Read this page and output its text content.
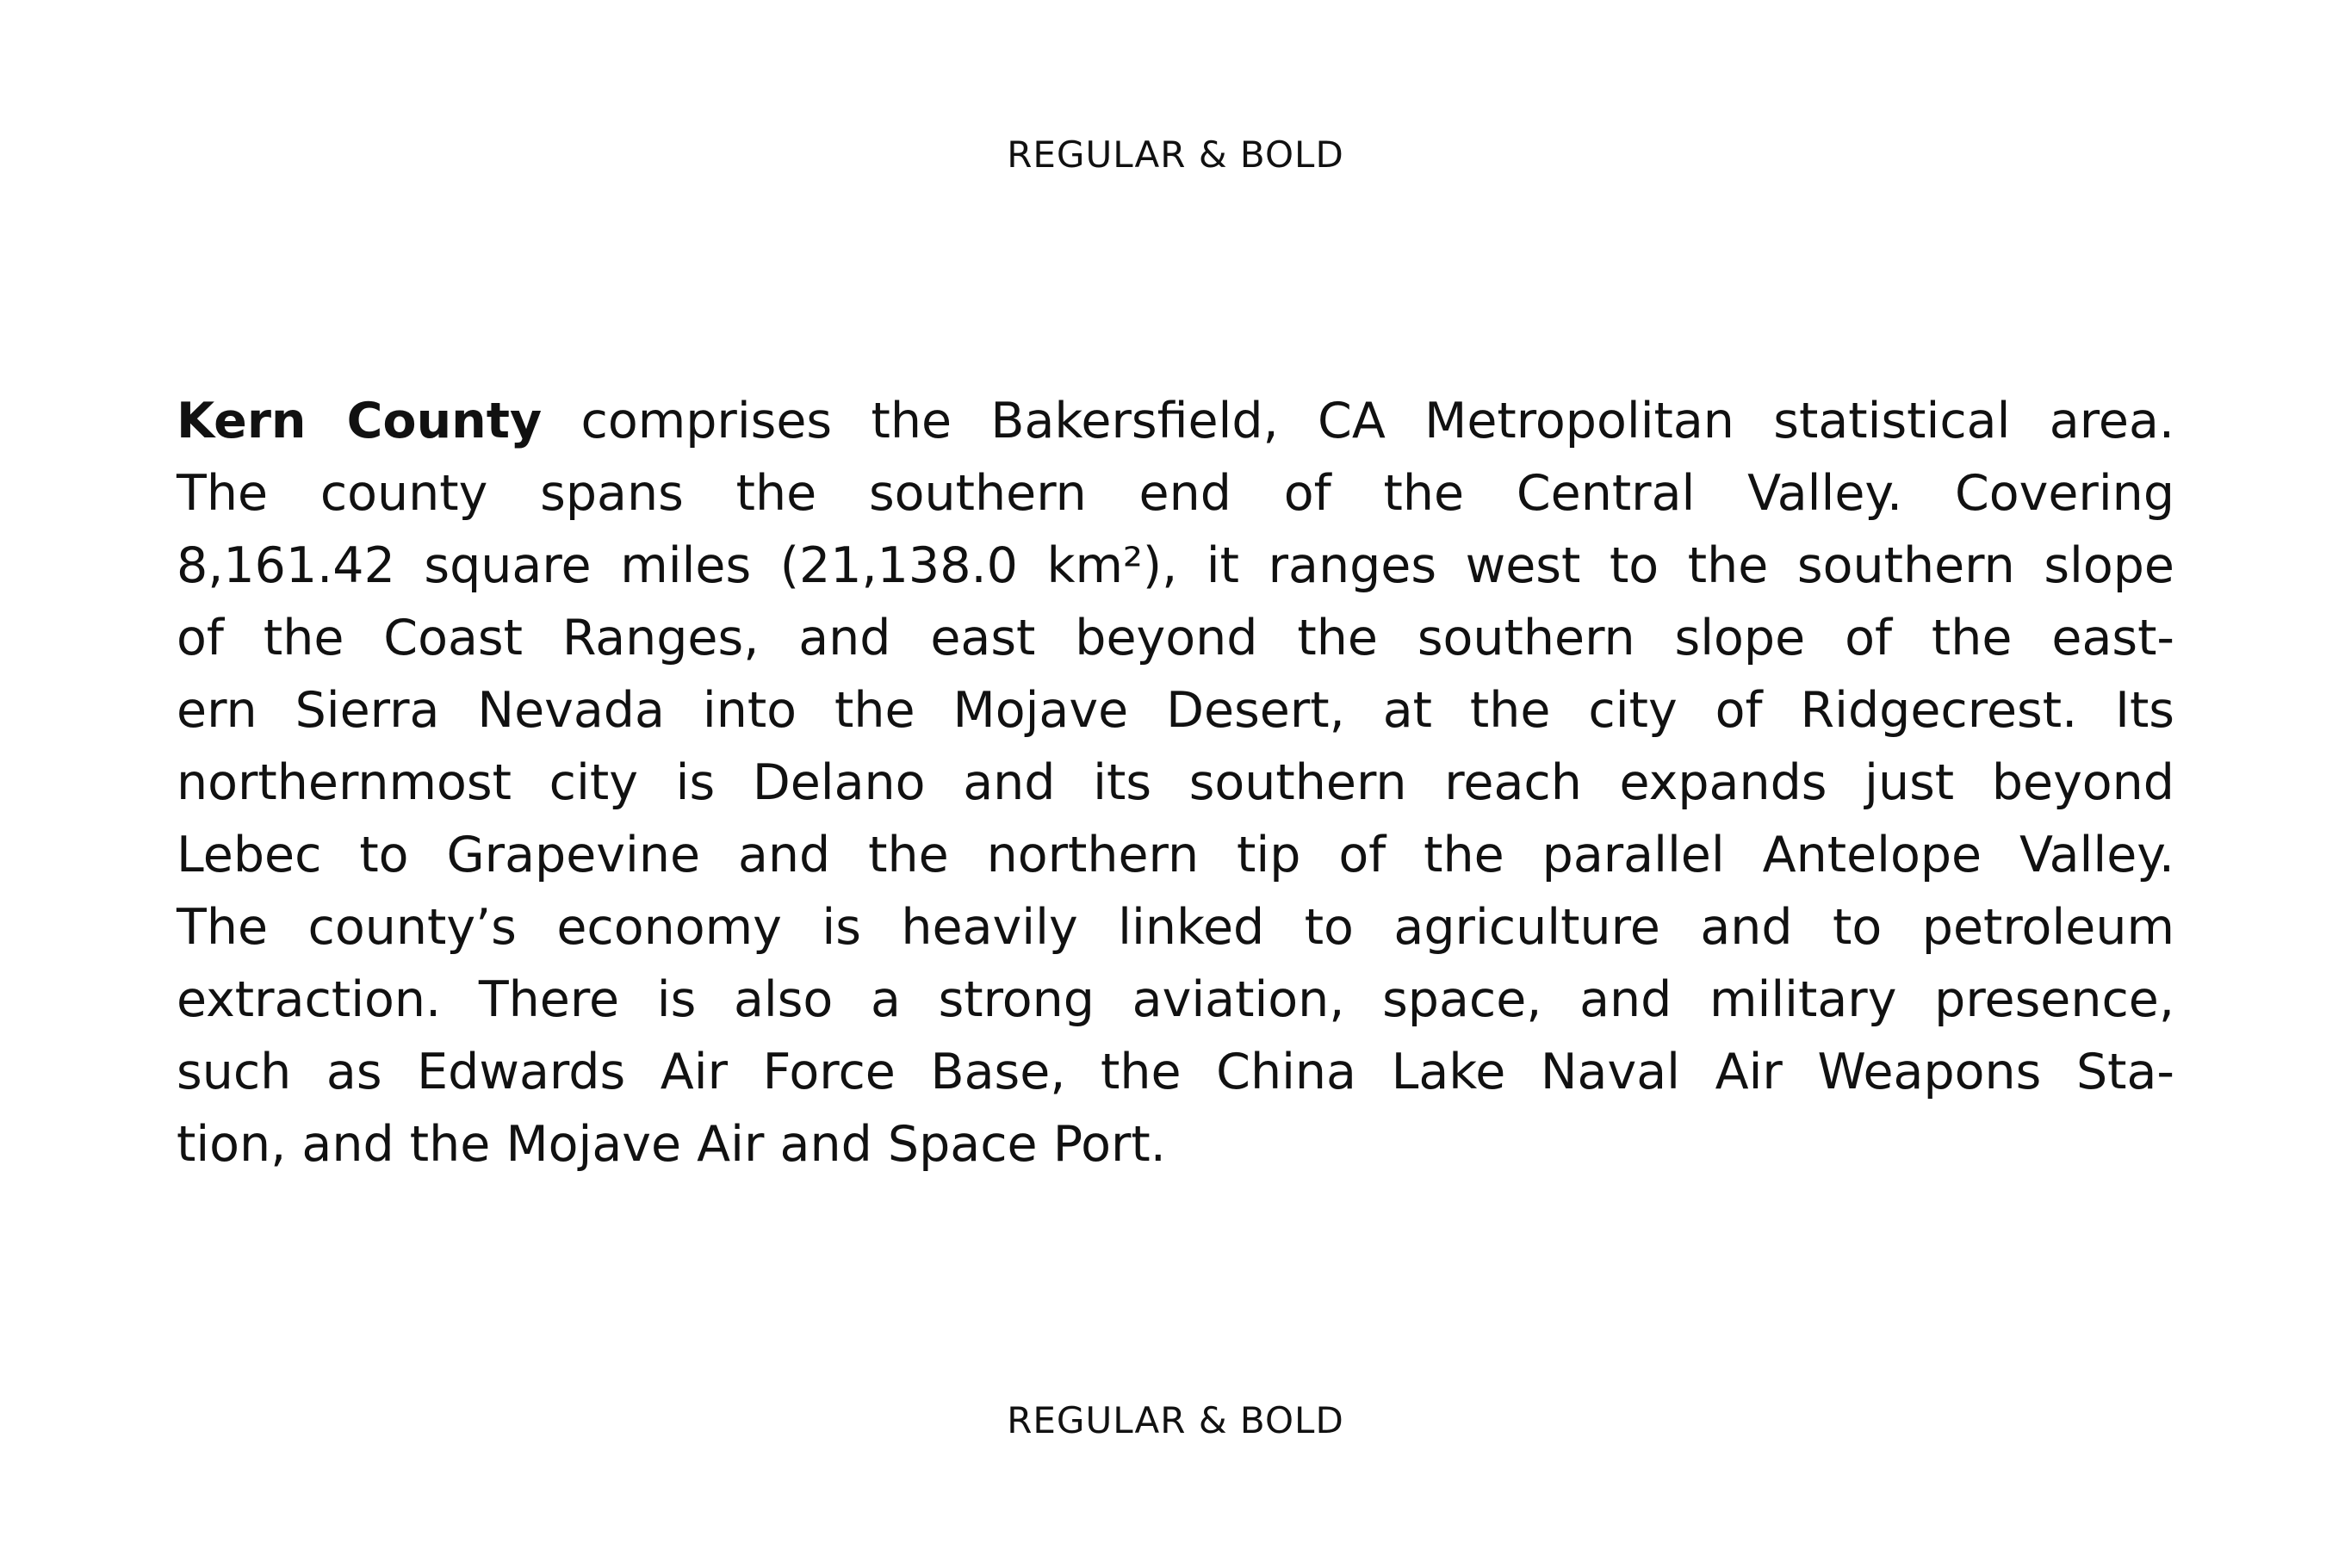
REGULAR & BOLD
Kern County comprises the Bakersfield, CA Metropolitan statistical area.
The county spans the southern end of the Central Valley. Covering
8,161.42 square miles (21,138.0 km²), it ranges west to the southern slope
of the Coast Ranges, and east beyond the southern slope of the east-
ern Sierra Nevada into the Mojave Desert, at the city of Ridgecrest. Its
northernmost city is Delano and its southern reach expands just beyond
Lebec to Grapevine and the northern tip of the parallel Antelope Valley.
The county’s economy is heavily linked to agriculture and to petroleum
extraction. There is also a strong aviation, space, and military presence,
such as Edwards Air Force Base, the China Lake Naval Air Weapons Sta-
tion, and the Mojave Air and Space Port.
REGULAR & BOLD
